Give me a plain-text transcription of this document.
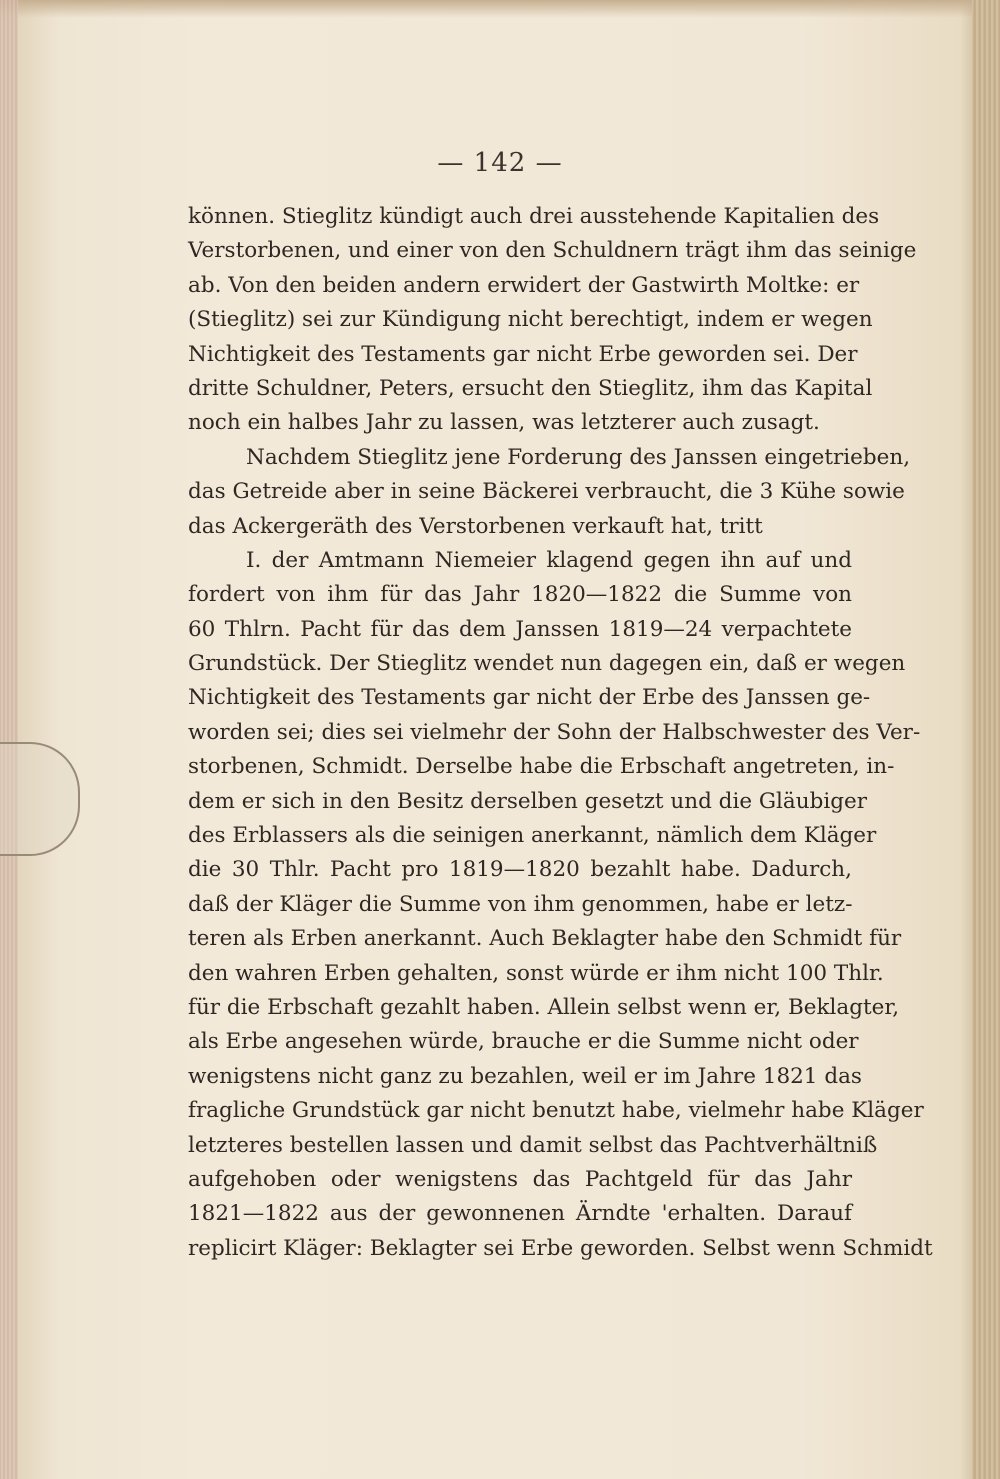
— 142 —
können. Stieglitz kündigt auch drei ausstehende Kapitalien des
Verstorbenen, und einer von den Schuldnern trägt ihm das seinige
ab. Von den beiden andern erwidert der Gastwirth Moltke: er
(Stieglitz) sei zur Kündigung nicht berechtigt, indem er wegen
Nichtigkeit des Testaments gar nicht Erbe geworden sei. Der
dritte Schuldner, Peters, ersucht den Stieglitz, ihm das Kapital
noch ein halbes Jahr zu lassen, was letzterer auch zusagt.
Nachdem Stieglitz jene Forderung des Janssen eingetrieben,
das Getreide aber in seine Bäckerei verbraucht, die 3 Kühe sowie
das Ackergeräth des Verstorbenen verkauft hat, tritt
I. der Amtmann Niemeier klagend gegen ihn auf und
fordert von ihm für das Jahr 1820—1822 die Summe von
60 Thlrn. Pacht für das dem Janssen 1819—24 verpachtete
Grundstück. Der Stieglitz wendet nun dagegen ein, daß er wegen
Nichtigkeit des Testaments gar nicht der Erbe des Janssen ge-
worden sei; dies sei vielmehr der Sohn der Halbschwester des Ver-
storbenen, Schmidt. Derselbe habe die Erbschaft angetreten, in-
dem er sich in den Besitz derselben gesetzt und die Gläubiger
des Erblassers als die seinigen anerkannt, nämlich dem Kläger
die 30 Thlr. Pacht pro 1819—1820 bezahlt habe. Dadurch,
daß der Kläger die Summe von ihm genommen, habe er letz-
teren als Erben anerkannt. Auch Beklagter habe den Schmidt für
den wahren Erben gehalten, sonst würde er ihm nicht 100 Thlr.
für die Erbschaft gezahlt haben. Allein selbst wenn er, Beklagter,
als Erbe angesehen würde, brauche er die Summe nicht oder
wenigstens nicht ganz zu bezahlen, weil er im Jahre 1821 das
fragliche Grundstück gar nicht benutzt habe, vielmehr habe Kläger
letzteres bestellen lassen und damit selbst das Pachtverhältniß
aufgehoben oder wenigstens das Pachtgeld für das Jahr
1821—1822 aus der gewonnenen Ärndte 'erhalten. Darauf
replicirt Kläger: Beklagter sei Erbe geworden. Selbst wenn Schmidt
